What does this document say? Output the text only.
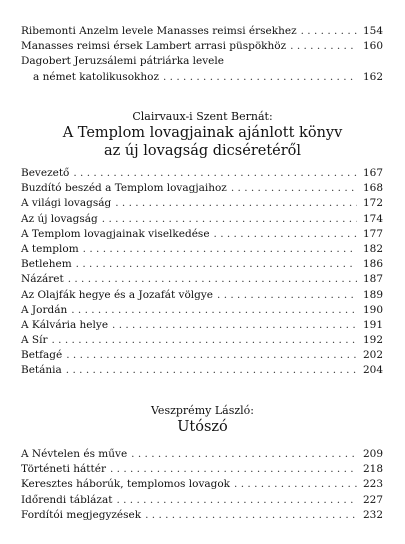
Ribemonti Anzelm levele Manasses reimsi érsekhez . . .	154
Manasses reimsi érsek Lambert arrasi püspökhöz . . .	160
Dagobert Jeruzsálemi pátriárka levele
a német katolikusokhoz . . .	162
Clairvaux-i Szent Bernát:
A Templom lovagjainak ajánlott könyv
az új lovagság dicséretéről
Bevezető . . .	167
Buzdító beszéd a Templom lovagjaihoz . . .	168
A világi lovagság . . .	172
Az új lovagság . . .	174
A Templom lovagjainak viselkedése . . .	177
A templom . . .	182
Betlehem . . .	186
Názáret . . .	187
Az Olajfák hegye és a Jozafát völgye . . .	189
A Jordán . . .	190
A Kálvária helye . . .	191
A Sír . . .	192
Betfagé . . .	202
Betánia . . .	204
Veszprémy László:
Utószó
A Névtelen és műve . . .	209
Történeti háttér . . .	218
Keresztes háborúk, templomos lovagok . . .	223
Időrendi táblázat . . .	227
Fordítói megjegyzések . . .	232
